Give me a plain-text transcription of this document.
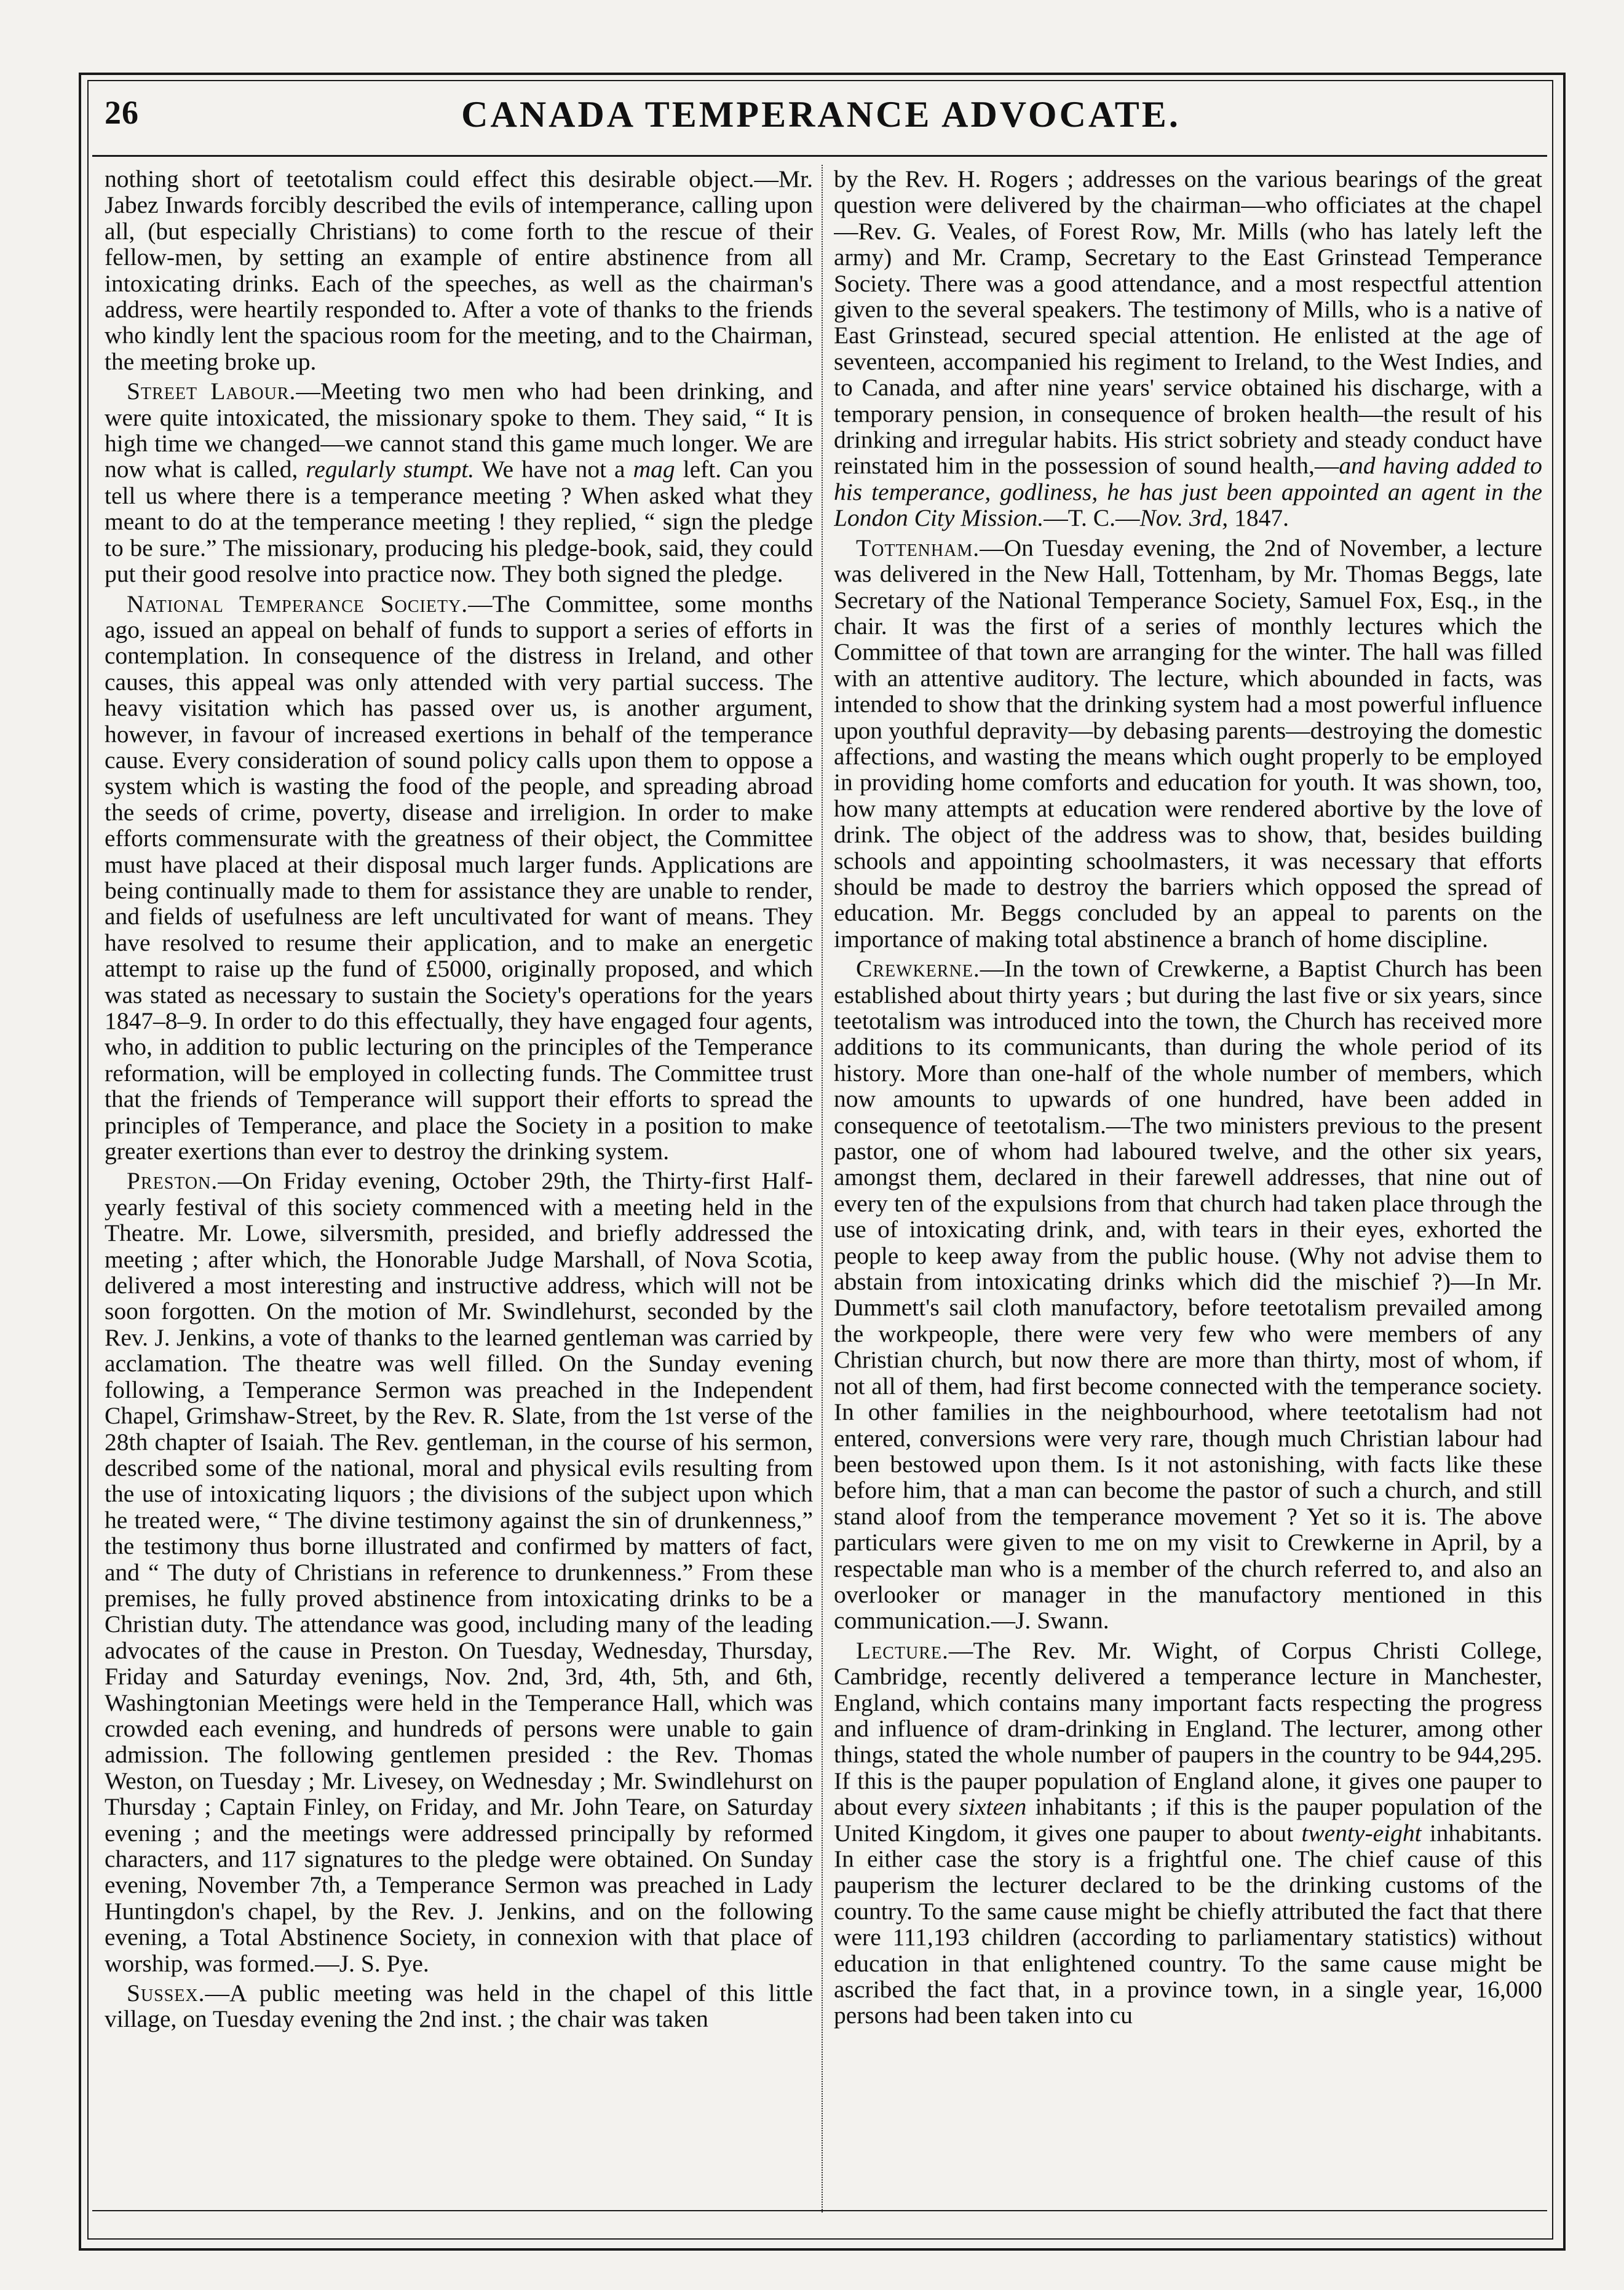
26	CANADA TEMPERANCE ADVOCATE.

nothing short of teetotalism could effect this desirable object.—Mr. Jabez Inwards forcibly described the evils of intemperance, calling upon all, (but especially Christians) to come forth to the rescue of their fellow-men, by setting an example of entire abstinence from all intoxicating drinks. Each of the speeches, as well as the chairman's address, were heartily responded to. After a vote of thanks to the friends who kindly lent the spacious room for the meeting, and to the Chairman, the meeting broke up.

Street Labour.—Meeting two men who had been drinking, and were quite intoxicated, the missionary spoke to them. They said, “ It is high time we changed—we cannot stand this game much longer. We are now what is called, regularly stumpt. We have not a mag left. Can you tell us where there is a temperance meeting ? When asked what they meant to do at the temperance meeting ! they replied, “ sign the pledge to be sure.” The missionary, producing his pledge-book, said, they could put their good resolve into practice now. They both signed the pledge.

National Temperance Society.—The Committee, some months ago, issued an appeal on behalf of funds to support a series of efforts in contemplation. In consequence of the distress in Ireland, and other causes, this appeal was only attended with very partial success. The heavy visitation which has passed over us, is another argument, however, in favour of increased exertions in behalf of the temperance cause. Every consideration of sound policy calls upon them to oppose a system which is wasting the food of the people, and spreading abroad the seeds of crime, poverty, disease and irreligion. In order to make efforts commensurate with the greatness of their object, the Committee must have placed at their disposal much larger funds. Applications are being continually made to them for assistance they are unable to render, and fields of usefulness are left uncultivated for want of means. They have resolved to resume their application, and to make an energetic attempt to raise up the fund of £5000, originally proposed, and which was stated as necessary to sustain the Society's operations for the years 1847–8–9. In order to do this effectually, they have engaged four agents, who, in addition to public lecturing on the principles of the Temperance reformation, will be employed in collecting funds. The Committee trust that the friends of Temperance will support their efforts to spread the principles of Temperance, and place the Society in a position to make greater exertions than ever to destroy the drinking system.

Preston.—On Friday evening, October 29th, the Thirty-first Half-yearly festival of this society commenced with a meeting held in the Theatre. Mr. Lowe, silversmith, presided, and briefly addressed the meeting ; after which, the Honorable Judge Marshall, of Nova Scotia, delivered a most interesting and instructive address, which will not be soon forgotten. On the motion of Mr. Swindlehurst, seconded by the Rev. J. Jenkins, a vote of thanks to the learned gentleman was carried by acclamation. The theatre was well filled. On the Sunday evening following, a Temperance Sermon was preached in the Independent Chapel, Grimshaw-Street, by the Rev. R. Slate, from the 1st verse of the 28th chapter of Isaiah. The Rev. gentleman, in the course of his sermon, described some of the national, moral and physical evils resulting from the use of intoxicating liquors ; the divisions of the subject upon which he treated were, “ The divine testimony against the sin of drunkenness,” the testimony thus borne illustrated and confirmed by matters of fact, and “ The duty of Christians in reference to drunkenness.” From these premises, he fully proved abstinence from intoxicating drinks to be a Christian duty. The attendance was good, including many of the leading advocates of the cause in Preston. On Tuesday, Wednesday, Thursday, Friday and Saturday evenings, Nov. 2nd, 3rd, 4th, 5th, and 6th, Washingtonian Meetings were held in the Temperance Hall, which was crowded each evening, and hundreds of persons were unable to gain admission. The following gentlemen presided : the Rev. Thomas Weston, on Tuesday ; Mr. Livesey, on Wednesday ; Mr. Swindlehurst on Thursday ; Captain Finley, on Friday, and Mr. John Teare, on Saturday evening ; and the meetings were addressed principally by reformed characters, and 117 signatures to the pledge were obtained. On Sunday evening, November 7th, a Temperance Sermon was preached in Lady Huntingdon's chapel, by the Rev. J. Jenkins, and on the following evening, a Total Abstinence Society, in connexion with that place of worship, was formed.—J. S. Pye.

Sussex.—A public meeting was held in the chapel of this little village, on Tuesday evening the 2nd inst. ; the chair was taken

by the Rev. H. Rogers ; addresses on the various bearings of the great question were delivered by the chairman—who officiates at the chapel—Rev. G. Veales, of Forest Row, Mr. Mills (who has lately left the army) and Mr. Cramp, Secretary to the East Grinstead Temperance Society. There was a good attendance, and a most respectful attention given to the several speakers. The testimony of Mills, who is a native of East Grinstead, secured special attention. He enlisted at the age of seventeen, accompanied his regiment to Ireland, to the West Indies, and to Canada, and after nine years' service obtained his discharge, with a temporary pension, in consequence of broken health—the result of his drinking and irregular habits. His strict sobriety and steady conduct have reinstated him in the possession of sound health,—and having added to his temperance, godliness, he has just been appointed an agent in the London City Mission.—T. C.—Nov. 3rd, 1847.

Tottenham.—On Tuesday evening, the 2nd of November, a lecture was delivered in the New Hall, Tottenham, by Mr. Thomas Beggs, late Secretary of the National Temperance Society, Samuel Fox, Esq., in the chair. It was the first of a series of monthly lectures which the Committee of that town are arranging for the winter. The hall was filled with an attentive auditory. The lecture, which abounded in facts, was intended to show that the drinking system had a most powerful influence upon youthful depravity—by debasing parents—destroying the domestic affections, and wasting the means which ought properly to be employed in providing home comforts and education for youth. It was shown, too, how many attempts at education were rendered abortive by the love of drink. The object of the address was to show, that, besides building schools and appointing schoolmasters, it was necessary that efforts should be made to destroy the barriers which opposed the spread of education. Mr. Beggs concluded by an appeal to parents on the importance of making total abstinence a branch of home discipline.

Crewkerne.—In the town of Crewkerne, a Baptist Church has been established about thirty years ; but during the last five or six years, since teetotalism was introduced into the town, the Church has received more additions to its communicants, than during the whole period of its history. More than one-half of the whole number of members, which now amounts to upwards of one hundred, have been added in consequence of teetotalism.—The two ministers previous to the present pastor, one of whom had laboured twelve, and the other six years, amongst them, declared in their farewell addresses, that nine out of every ten of the expulsions from that church had taken place through the use of intoxicating drink, and, with tears in their eyes, exhorted the people to keep away from the public house. (Why not advise them to abstain from intoxicating drinks which did the mischief ?)—In Mr. Dummett's sail cloth manufactory, before teetotalism prevailed among the workpeople, there were very few who were members of any Christian church, but now there are more than thirty, most of whom, if not all of them, had first become connected with the temperance society. In other families in the neighbourhood, where teetotalism had not entered, conversions were very rare, though much Christian labour had been bestowed upon them. Is it not astonishing, with facts like these before him, that a man can become the pastor of such a church, and still stand aloof from the temperance movement ? Yet so it is. The above particulars were given to me on my visit to Crewkerne in April, by a respectable man who is a member of the church referred to, and also an overlooker or manager in the manufactory mentioned in this communication.—J. Swann.

Lecture.—The Rev. Mr. Wight, of Corpus Christi College, Cambridge, recently delivered a temperance lecture in Manchester, England, which contains many important facts respecting the progress and influence of dram-drinking in England. The lecturer, among other things, stated the whole number of paupers in the country to be 944,295. If this is the pauper population of England alone, it gives one pauper to about every sixteen inhabitants ; if this is the pauper population of the United Kingdom, it gives one pauper to about twenty-eight inhabitants. In either case the story is a frightful one. The chief cause of this pauperism the lecturer declared to be the drinking customs of the country. To the same cause might be chiefly attributed the fact that there were 111,193 children (according to parliamentary statistics) without education in that enlightened country. To the same cause might be ascribed the fact that, in a province town, in a single year, 16,000 persons had been taken into cu
